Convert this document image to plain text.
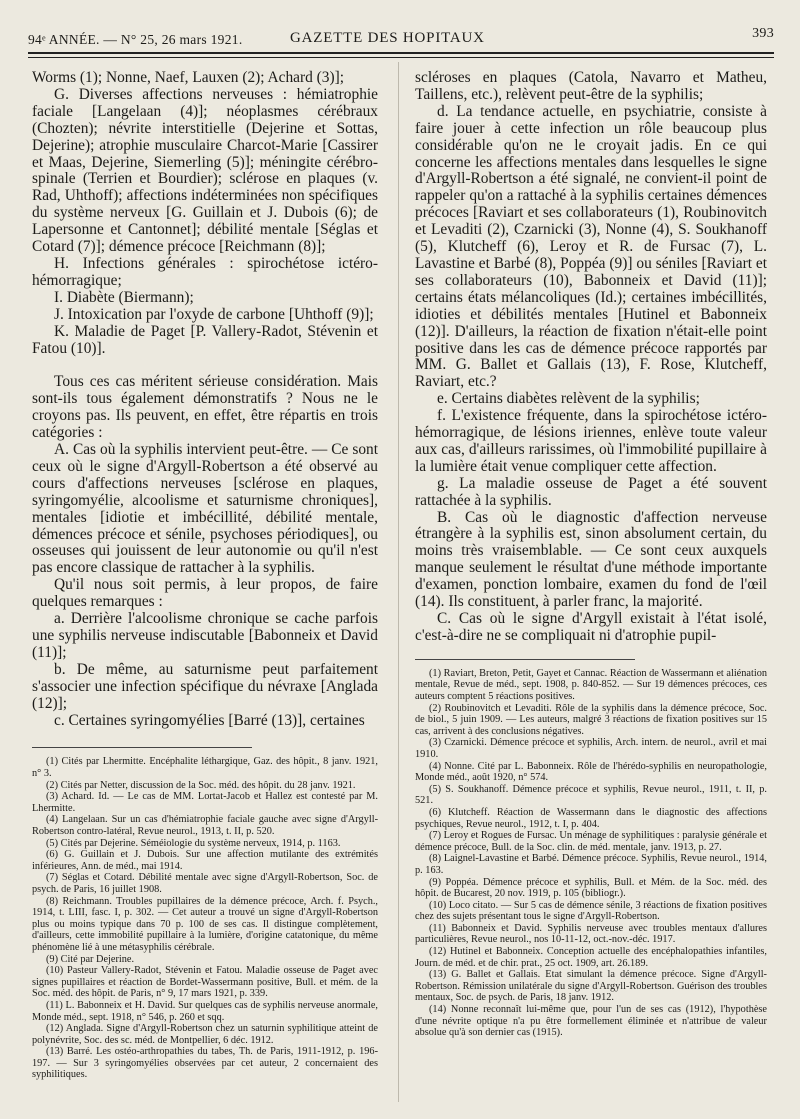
94ᵉ ANNÉE. — N° 25, 26 mars 1921.	GAZETTE DES HOPITAUX	393

Worms (1); Nonne, Naef, Lauxen (2); Achard (3)];

G. Diverses affections nerveuses : hémiatrophie faciale [Langelaan (4)]; néoplasmes cérébraux (Chozten); névrite interstitielle (Dejerine et Sottas, Dejerine); atrophie musculaire Charcot-Marie [Cassirer et Maas, Dejerine, Siemerling (5)]; méningite cérébro-spinale (Terrien et Bourdier); sclérose en plaques (v. Rad, Uhthoff); affections indéterminées non spécifiques du système nerveux [G. Guillain et J. Dubois (6); de Lapersonne et Cantonnet]; débilité mentale [Séglas et Cotard (7)]; démence précoce [Reichmann (8)];

H. Infections générales : spirochétose ictéro-hémorragique;

I. Diabète (Biermann);

J. Intoxication par l'oxyde de carbone [Uhthoff (9)];

K. Maladie de Paget [P. Vallery-Radot, Stévenin et Fatou (10)].

Tous ces cas méritent sérieuse considération. Mais sont-ils tous également démonstratifs ? Nous ne le croyons pas. Ils peuvent, en effet, être répartis en trois catégories :

A. Cas où la syphilis intervient peut-être. — Ce sont ceux où le signe d'Argyll-Robertson a été observé au cours d'affections nerveuses [sclérose en plaques, syringomyélie, alcoolisme et saturnisme chroniques], mentales [idiotie et imbécillité, débilité mentale, démences précoce et sénile, psychoses périodiques], ou osseuses qui jouissent de leur autonomie ou qu'il n'est pas encore classique de rattacher à la syphilis.

Qu'il nous soit permis, à leur propos, de faire quelques remarques :

a. Derrière l'alcoolisme chronique se cache parfois une syphilis nerveuse indiscutable [Babonneix et David (11)];

b. De même, au saturnisme peut parfaitement s'associer une infection spécifique du névraxe [Anglada (12)];

c. Certaines syringomyélies [Barré (13)], certaines

(1) Cités par Lhermitte. Encéphalite léthargique, Gaz. des hôpit., 8 janv. 1921, n° 3.

(2) Cités par Netter, discussion de la Soc. méd. des hôpit. du 28 janv. 1921.

(3) Achard. Id. — Le cas de MM. Lortat-Jacob et Hallez est contesté par M. Lhermitte.

(4) Langelaan. Sur un cas d'hémiatrophie faciale gauche avec signe d'Argyll-Robertson contro-latéral, Revue neurol., 1913, t. II, p. 520.

(5) Cités par Dejerine. Séméiologie du système nerveux, 1914, p. 1163.

(6) G. Guillain et J. Dubois. Sur une affection mutilante des extrémités inférieures, Ann. de méd., mai 1914.

(7) Séglas et Cotard. Débilité mentale avec signe d'Argyll-Robertson, Soc. de psych. de Paris, 16 juillet 1908.

(8) Reichmann. Troubles pupillaires de la démence précoce, Arch. f. Psych., 1914, t. LIII, fasc. I, p. 302. — Cet auteur a trouvé un signe d'Argyll-Robertson plus ou moins typique dans 70 p. 100 de ses cas. Il distingue complètement, d'ailleurs, cette immobilité pupillaire à la lumière, d'origine catatonique, du même phénomène lié à une métasyphilis cérébrale.

(9) Cité par Dejerine.

(10) Pasteur Vallery-Radot, Stévenin et Fatou. Maladie osseuse de Paget avec signes pupillaires et réaction de Bordet-Wassermann positive, Bull. et mém. de la Soc. méd. des hôpit. de Paris, n° 9, 17 mars 1921, p. 339.

(11) L. Babonneix et H. David. Sur quelques cas de syphilis nerveuse anormale, Monde méd., sept. 1918, n° 546, p. 260 et sqq.

(12) Anglada. Signe d'Argyll-Robertson chez un saturnin syphilitique atteint de polynévrite, Soc. des sc. méd. de Montpellier, 6 déc. 1912.

(13) Barré. Les ostéo-arthropathies du tabes, Th. de Paris, 1911-1912, p. 196-197. — Sur 3 syringomyélies observées par cet auteur, 2 concernaient des syphilitiques.

scléroses en plaques (Catola, Navarro et Matheu, Taillens, etc.), relèvent peut-être de la syphilis;

d. La tendance actuelle, en psychiatrie, consiste à faire jouer à cette infection un rôle beaucoup plus considérable qu'on ne le croyait jadis. En ce qui concerne les affections mentales dans lesquelles le signe d'Argyll-Robertson a été signalé, ne convient-il point de rappeler qu'on a rattaché à la syphilis certaines démences précoces [Raviart et ses collaborateurs (1), Roubinovitch et Levaditi (2), Czarnicki (3), Nonne (4), S. Soukhanoff (5), Klutcheff (6), Leroy et R. de Fursac (7), L. Lavastine et Barbé (8), Poppéa (9)] ou séniles [Raviart et ses collaborateurs (10), Babonneix et David (11)]; certains états mélancoliques (Id.); certaines imbécillités, idioties et débilités mentales [Hutinel et Babonneix (12)]. D'ailleurs, la réaction de fixation n'était-elle point positive dans les cas de démence précoce rapportés par MM. G. Ballet et Gallais (13), F. Rose, Klutcheff, Raviart, etc.?

e. Certains diabètes relèvent de la syphilis;

f. L'existence fréquente, dans la spirochétose ictéro-hémorragique, de lésions iriennes, enlève toute valeur aux cas, d'ailleurs rarissimes, où l'immobilité pupillaire à la lumière était venue compliquer cette affection.

g. La maladie osseuse de Paget a été souvent rattachée à la syphilis.

B. Cas où le diagnostic d'affection nerveuse étrangère à la syphilis est, sinon absolument certain, du moins très vraisemblable. — Ce sont ceux auxquels manque seulement le résultat d'une méthode importante d'examen, ponction lombaire, examen du fond de l'œil (14). Ils constituent, à parler franc, la majorité.

C. Cas où le signe d'Argyll existait à l'état isolé, c'est-à-dire ne se compliquait ni d'atrophie pupil-

(1) Raviart, Breton, Petit, Gayet et Cannac. Réaction de Wassermann et aliénation mentale, Revue de méd., sept. 1908, p. 840-852. — Sur 19 démences précoces, ces auteurs comptent 5 réactions positives.

(2) Roubinovitch et Levaditi. Rôle de la syphilis dans la démence précoce, Soc. de biol., 5 juin 1909. — Les auteurs, malgré 3 réactions de fixation positives sur 15 cas, arrivent à des conclusions négatives.

(3) Czarnicki. Démence précoce et syphilis, Arch. intern. de neurol., avril et mai 1910.

(4) Nonne. Cité par L. Babonneix. Rôle de l'hérédo-syphilis en neuropathologie, Monde méd., août 1920, n° 574.

(5) S. Soukhanoff. Démence précoce et syphilis, Revue neurol., 1911, t. II, p. 521.

(6) Klutcheff. Réaction de Wassermann dans le diagnostic des affections psychiques, Revue neurol., 1912, t. I, p. 404.

(7) Leroy et Rogues de Fursac. Un ménage de syphilitiques : paralysie générale et démence précoce, Bull. de la Soc. clin. de méd. mentale, janv. 1913, p. 27.

(8) Laignel-Lavastine et Barbé. Démence précoce. Syphilis, Revue neurol., 1914, p. 163.

(9) Poppéa. Démence précoce et syphilis, Bull. et Mém. de la Soc. méd. des hôpit. de Bucarest, 20 nov. 1919, p. 105 (bibliogr.).

(10) Loco citato. — Sur 5 cas de démence sénile, 3 réactions de fixation positives chez des sujets présentant tous le signe d'Argyll-Robertson.

(11) Babonneix et David. Syphilis nerveuse avec troubles mentaux d'allures particulières, Revue neurol., nos 10-11-12, oct.-nov.-déc. 1917.

(12) Hutinel et Babonneix. Conception actuelle des encéphalopathies infantiles, Journ. de méd. et de chir. prat., 25 oct. 1909, art. 26.189.

(13) G. Ballet et Gallais. Etat simulant la démence précoce. Signe d'Argyll-Robertson. Rémission unilatérale du signe d'Argyll-Robertson. Guérison des troubles mentaux, Soc. de psych. de Paris, 18 janv. 1912.

(14) Nonne reconnaît lui-même que, pour l'un de ses cas (1912), l'hypothèse d'une névrite optique n'a pu être formellement éliminée et n'attribue de valeur absolue qu'à son dernier cas (1915).
